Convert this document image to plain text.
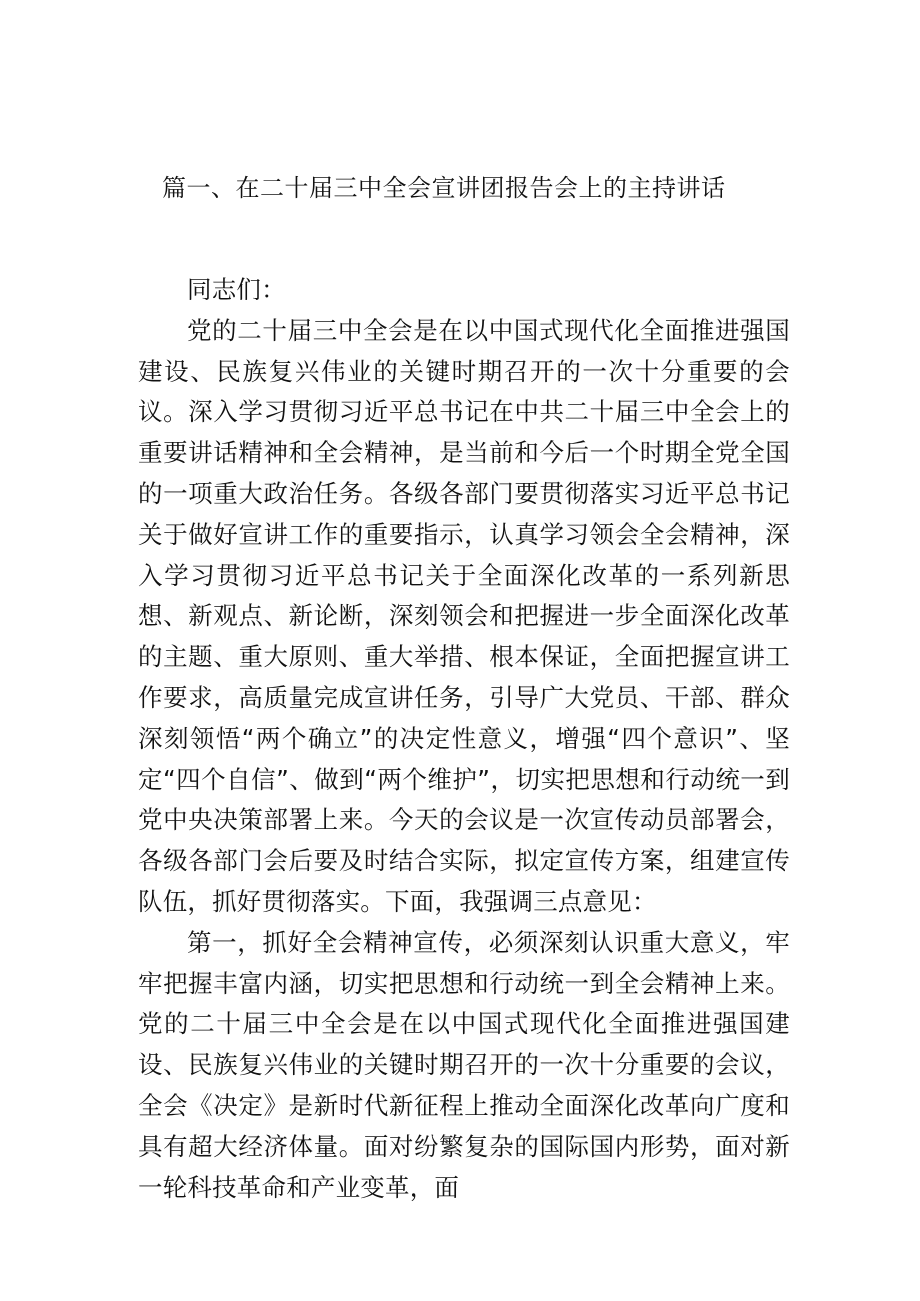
篇一、在二十届三中全会宣讲团报告会上的主持讲话

同志们：

党的二十届三中全会是在以中国式现代化全面推进强国建设、民族复兴伟业的关键时期召开的一次十分重要的会议。深入学习贯彻习近平总书记在中共二十届三中全会上的重要讲话精神和全会精神，是当前和今后一个时期全党全国的一项重大政治任务。各级各部门要贯彻落实习近平总书记关于做好宣讲工作的重要指示，认真学习领会全会精神，深入学习贯彻习近平总书记关于全面深化改革的一系列新思想、新观点、新论断，深刻领会和把握进一步全面深化改革的主题、重大原则、重大举措、根本保证，全面把握宣讲工作要求，高质量完成宣讲任务，引导广大党员、干部、群众深刻领悟“两个确立”的决定性意义，增强“四个意识”、坚定“四个自信”、做到“两个维护”，切实把思想和行动统一到党中央决策部署上来。今天的会议是一次宣传动员部署会，各级各部门会后要及时结合实际，拟定宣传方案，组建宣传队伍，抓好贯彻落实。下面，我强调三点意见：

第一，抓好全会精神宣传，必须深刻认识重大意义，牢牢把握丰富内涵，切实把思想和行动统一到全会精神上来。党的二十届三中全会是在以中国式现代化全面推进强国建设、民族复兴伟业的关键时期召开的一次十分重要的会议，全会《决定》是新时代新征程上推动全面深化改革向广度和具有超大经济体量。面对纷繁复杂的国际国内形势，面对新一轮科技革命和产业变革，面
